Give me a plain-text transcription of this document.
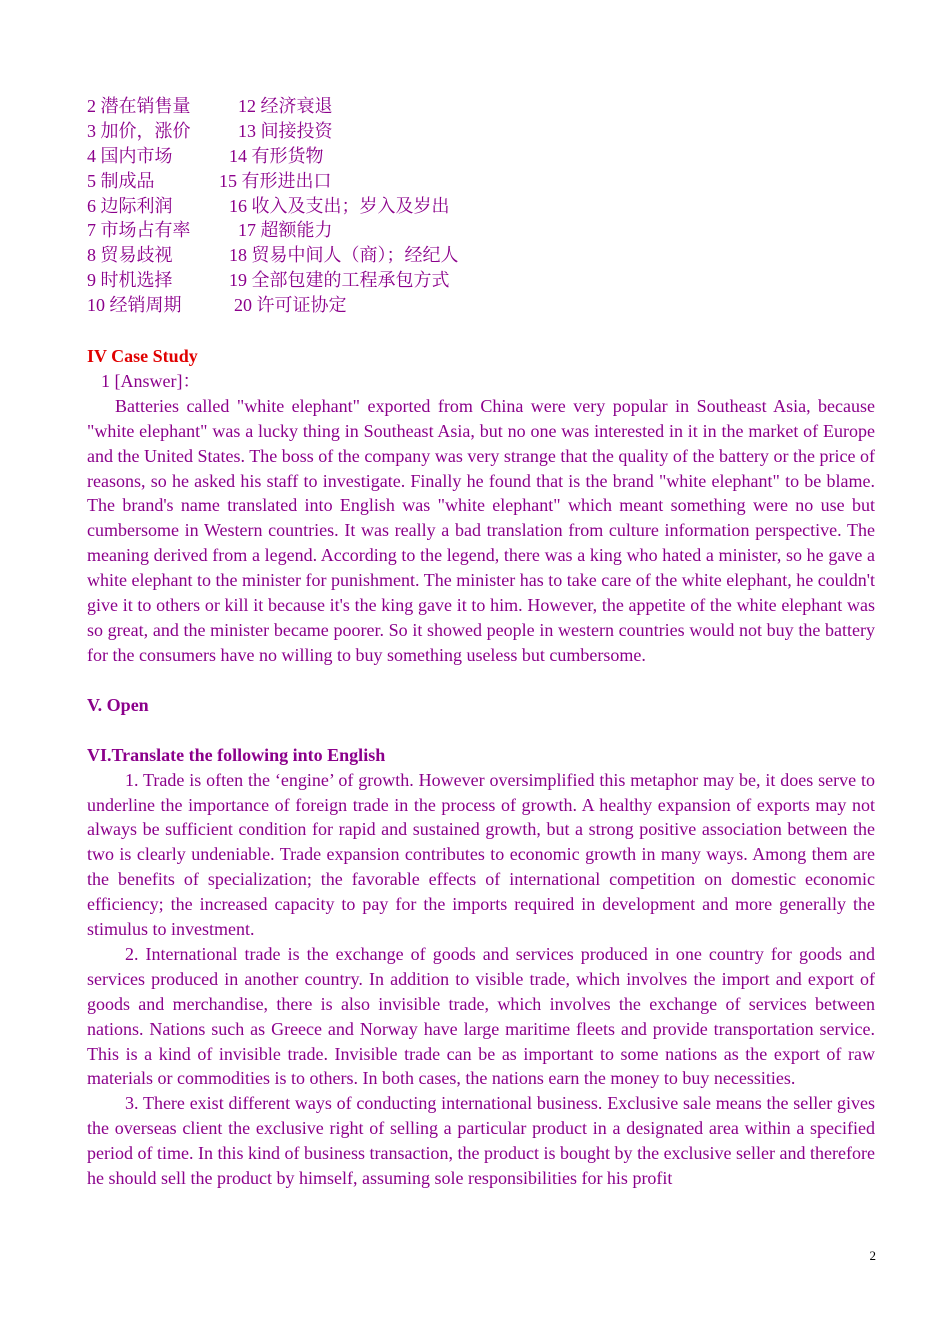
2 潜在销售量	12 经济衰退
3 加价，涨价	13 间接投资
4 国内市场	14 有形货物
5 制成品	15 有形进出口
6 边际利润	16 收入及支出；岁入及岁出
7 市场占有率	17 超额能力
8 贸易歧视	18 贸易中间人（商）；经纪人
9 时机选择	19 全部包建的工程承包方式
10 经销周期	20 许可证协定
IV Case Study
1 [Answer]：

Batteries called "white elephant" exported from China were very popular in Southeast Asia, because "white elephant" was a lucky thing in Southeast Asia, but no one was interested in it in the market of Europe and the United States. The boss of the company was very strange that the quality of the battery or the price of reasons, so he asked his staff to investigate. Finally he found that is the brand "white elephant" to be blame. The brand's name translated into English was "white elephant" which meant something were no use but cumbersome in Western countries. It was really a bad translation from culture information perspective. The meaning derived from a legend. According to the legend, there was a king who hated a minister, so he gave a white elephant to the minister for punishment. The minister has to take care of the white elephant, he couldn't give it to others or kill it because it's the king gave it to him. However, the appetite of the white elephant was so great, and the minister became poorer. So it showed people in western countries would not buy the battery for the consumers have no willing to buy something useless but cumbersome.

V. Open
VI.Translate the following into English

1. Trade is often the ‘engine’ of growth. However oversimplified this metaphor may be, it does serve to underline the importance of foreign trade in the process of growth. A healthy expansion of exports may not always be sufficient condition for rapid and sustained growth, but a strong positive association between the two is clearly undeniable. Trade expansion contributes to economic growth in many ways. Among them are the benefits of specialization; the favorable effects of international competition on domestic economic efficiency; the increased capacity to pay for the imports required in development and more generally the stimulus to investment.

2. International trade is the exchange of goods and services produced in one country for goods and services produced in another country. In addition to visible trade, which involves the import and export of goods and merchandise, there is also invisible trade, which involves the exchange of services between nations. Nations such as Greece and Norway have large maritime fleets and provide transportation service. This is a kind of invisible trade. Invisible trade can be as important to some nations as the export of raw materials or commodities is to others. In both cases, the nations earn the money to buy necessities.

3. There exist different ways of conducting international business. Exclusive sale means the seller gives the overseas client the exclusive right of selling a particular product in a designated area within a specified period of time. In this kind of business transaction, the product is bought by the exclusive seller and therefore he should sell the product by himself, assuming sole responsibilities for his profit

2
